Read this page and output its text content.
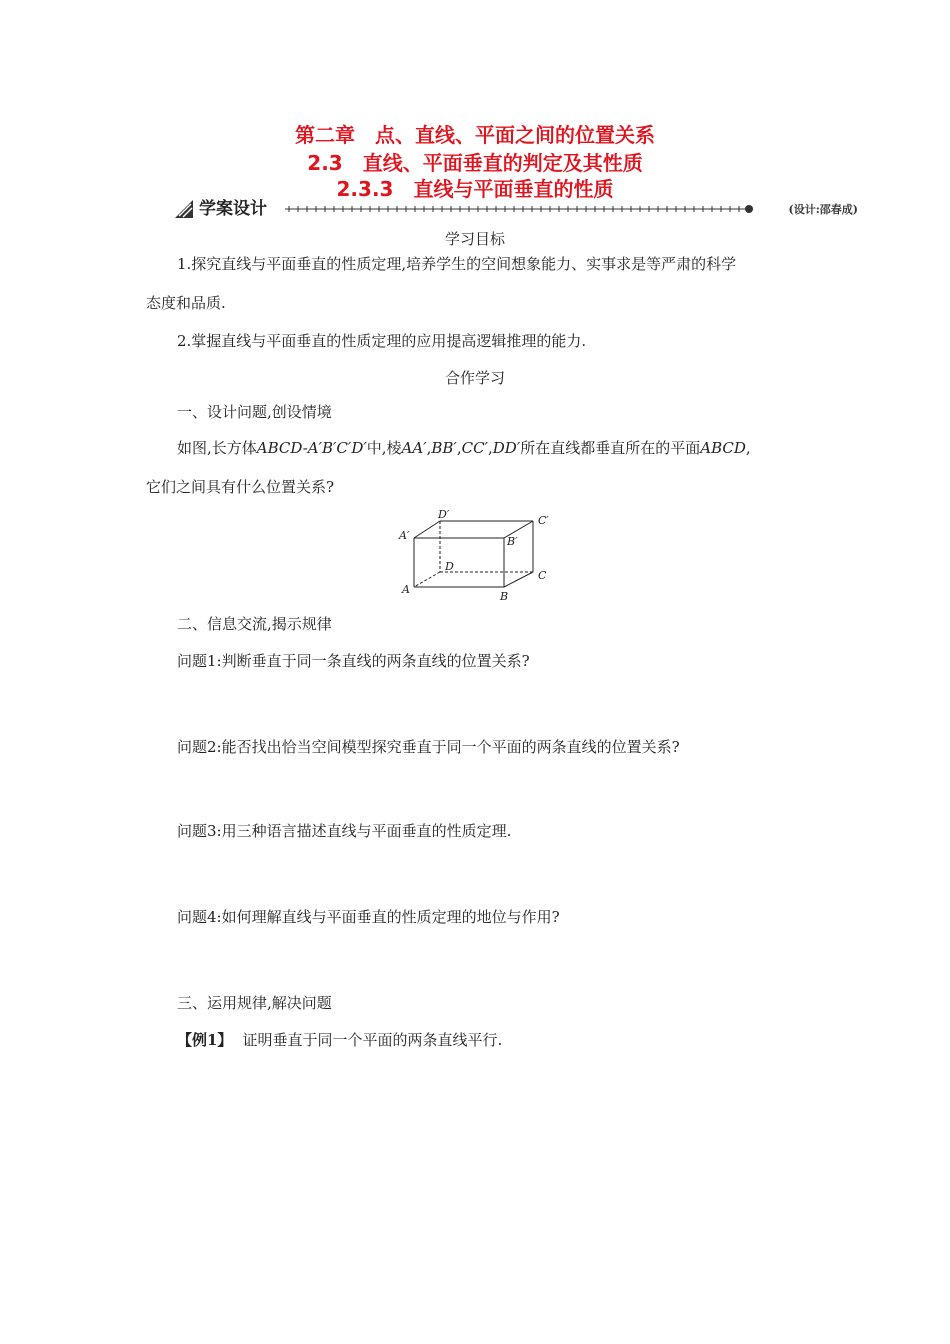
第二章　点、直线、平面之间的位置关系
2.3　直线、平面垂直的判定及其性质
2.3.3　直线与平面垂直的性质
学案设计	(设计:邵春成)
学习目标
1.探究直线与平面垂直的性质定理,培养学生的空间想象能力、实事求是等严肃的科学
态度和品质.
2.掌握直线与平面垂直的性质定理的应用提高逻辑推理的能力.
合作学习
一、设计问题,创设情境
如图,长方体ABCD-A′B′C′D′中,棱AA′,BB′,CC′,DD′所在直线都垂直所在的平面ABCD,
它们之间具有什么位置关系?
A′
D′	C′
B′
D
C
A
B
二、信息交流,揭示规律
问题1:判断垂直于同一条直线的两条直线的位置关系?
问题2:能否找出恰当空间模型探究垂直于同一个平面的两条直线的位置关系?
问题3:用三种语言描述直线与平面垂直的性质定理.
问题4:如何理解直线与平面垂直的性质定理的地位与作用?
三、运用规律,解决问题
【例1】 证明垂直于同一个平面的两条直线平行.
